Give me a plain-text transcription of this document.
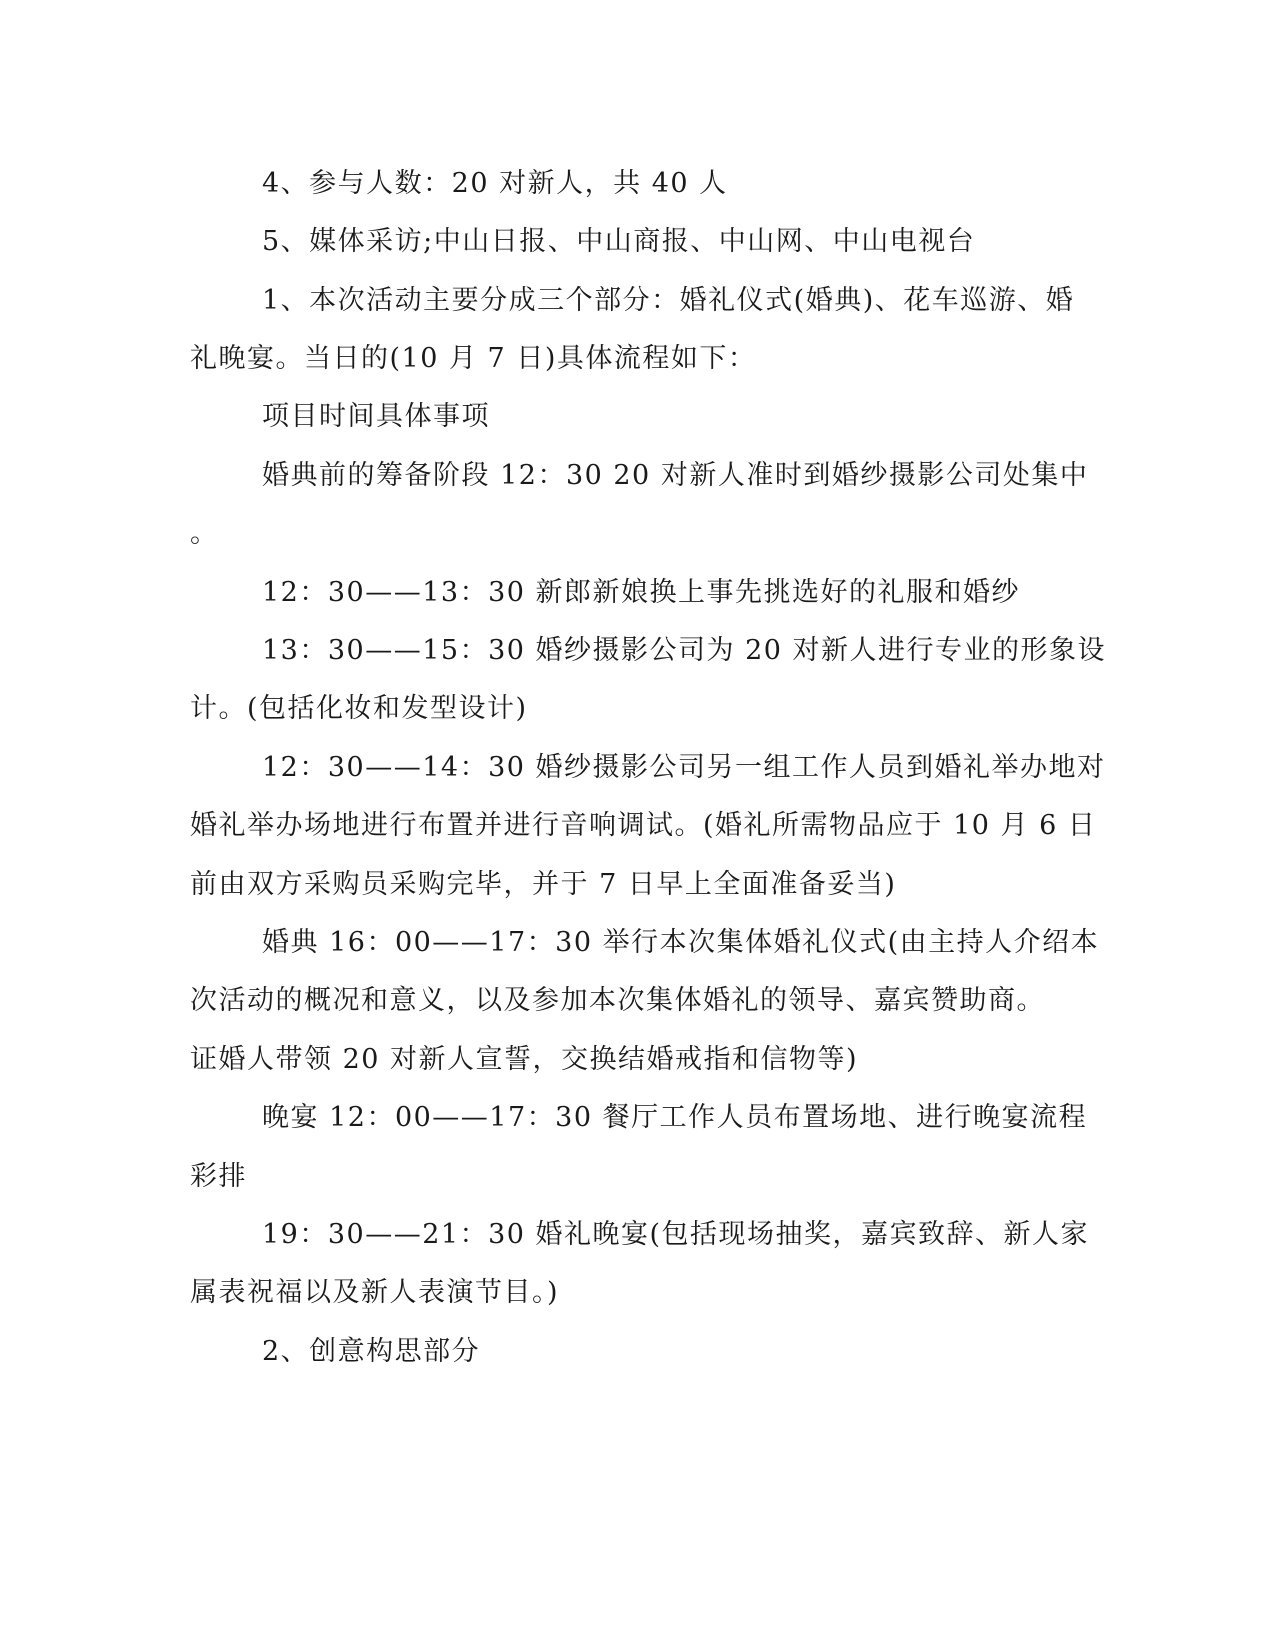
4、参与人数：20 对新人，共 40 人

5、媒体采访;中山日报、中山商报、中山网、中山电视台

1、本次活动主要分成三个部分：婚礼仪式(婚典)、花车巡游、婚

礼晚宴。当日的(10 月 7 日)具体流程如下：

项目时间具体事项

婚典前的筹备阶段 12：30 20 对新人准时到婚纱摄影公司处集中

。

12：30——13：30 新郎新娘换上事先挑选好的礼服和婚纱

13：30——15：30 婚纱摄影公司为 20 对新人进行专业的形象设

计。(包括化妆和发型设计)

12：30——14：30 婚纱摄影公司另一组工作人员到婚礼举办地对

婚礼举办场地进行布置并进行音响调试。(婚礼所需物品应于 10 月 6 日

前由双方采购员采购完毕，并于 7 日早上全面准备妥当)

婚典 16：00——17：30 举行本次集体婚礼仪式(由主持人介绍本

次活动的概况和意义，以及参加本次集体婚礼的领导、嘉宾赞助商。

证婚人带领 20 对新人宣誓，交换结婚戒指和信物等)

晚宴 12：00——17：30 餐厅工作人员布置场地、进行晚宴流程

彩排

19：30——21：30 婚礼晚宴(包括现场抽奖，嘉宾致辞、新人家

属表祝福以及新人表演节目。)

2、创意构思部分
